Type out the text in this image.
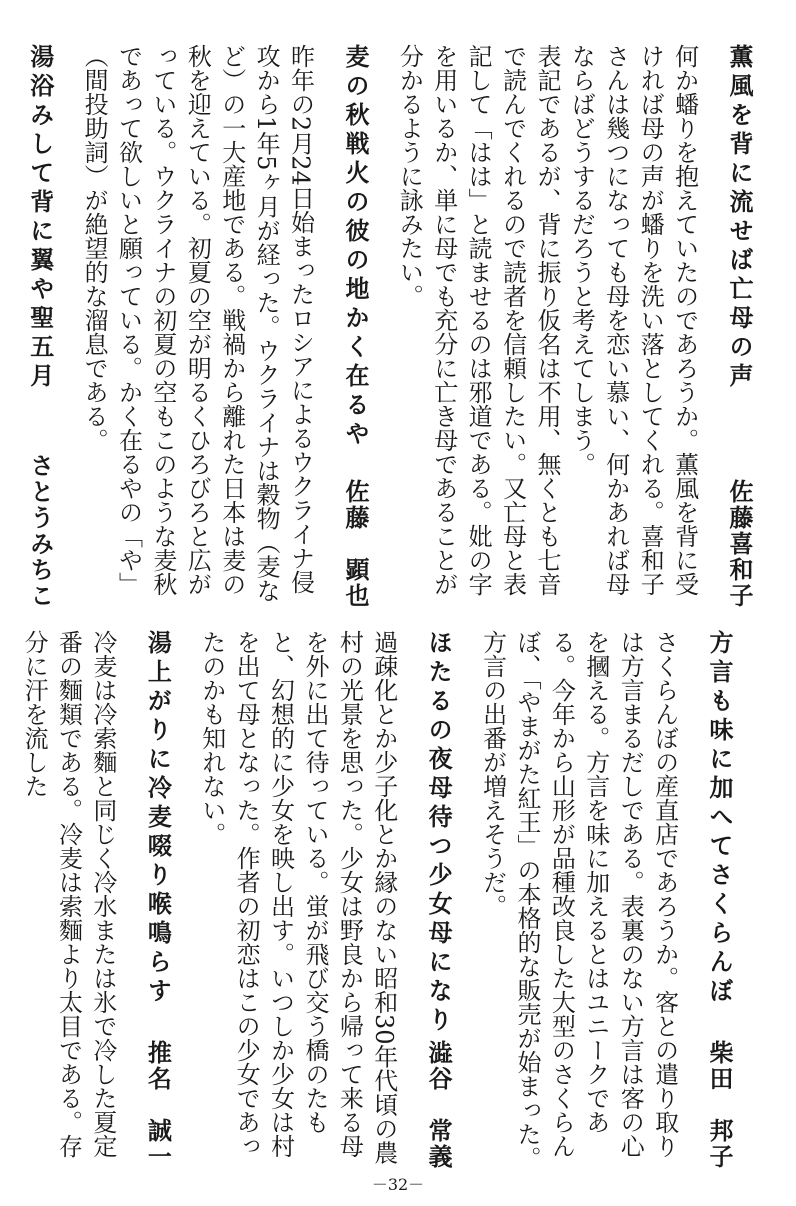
薫風を背に流せば亡母の声
佐藤喜和子

何か蟠りを抱えていたのであろうか。薫風を背に受ければ母の声が蟠りを洗い落としてくれる。喜和子さんは幾つになっても母を恋い慕い、何かあれば母ならばどうするだろうと考えてしまう。

表記であるが、背に振り仮名は不用、無くとも七音で読んでくれるので読者を信頼したい。又亡母と表記して「はは」と読ませるのは邪道である。妣の字を用いるか、単に母でも充分に亡き母であることが分かるように詠みたい。

麦の秋戦火の彼の地かく在るや
佐藤　顕也

昨年の2月24日始まったロシアによるウクライナ侵攻から1年5ヶ月が経った。ウクライナは穀物（麦など）の一大産地である。戦禍から離れた日本は麦の秋を迎えている。初夏の空が明るくひろびろと広がっている。ウクライナの初夏の空もこのような麦秋であって欲しいと願っている。かく在るやの「や」（間投助詞）が絶望的な溜息である。

湯浴みして背に翼や聖五月
さとうみちこ

方言も味に加へてさくらんぼ
柴田　邦子

さくらんぼの産直店であろうか。客との遣り取りは方言まるだしである。表裏のない方言は客の心を摑える。方言を味に加えるとはユニークである。今年から山形が品種改良した大型のさくらんぼ、「やまがた紅王」の本格的な販売が始まった。方言の出番が増えそうだ。

ほたるの夜母待つ少女母になり
澁谷　常義

過疎化とか少子化とか縁のない昭和30年代頃の農村の光景を思った。少女は野良から帰って来る母を外に出て待っている。蛍が飛び交う橋のたもと、幻想的に少女を映し出す。いつしか少女は村を出て母となった。作者の初恋はこの少女であったのかも知れない。

湯上がりに冷麦啜り喉鳴らす
推名　誠一

冷麦は冷索麵と同じく冷水または氷で冷した夏定番の麵類である。冷麦は索麵より太目である。存分に汗を流した

－32－
